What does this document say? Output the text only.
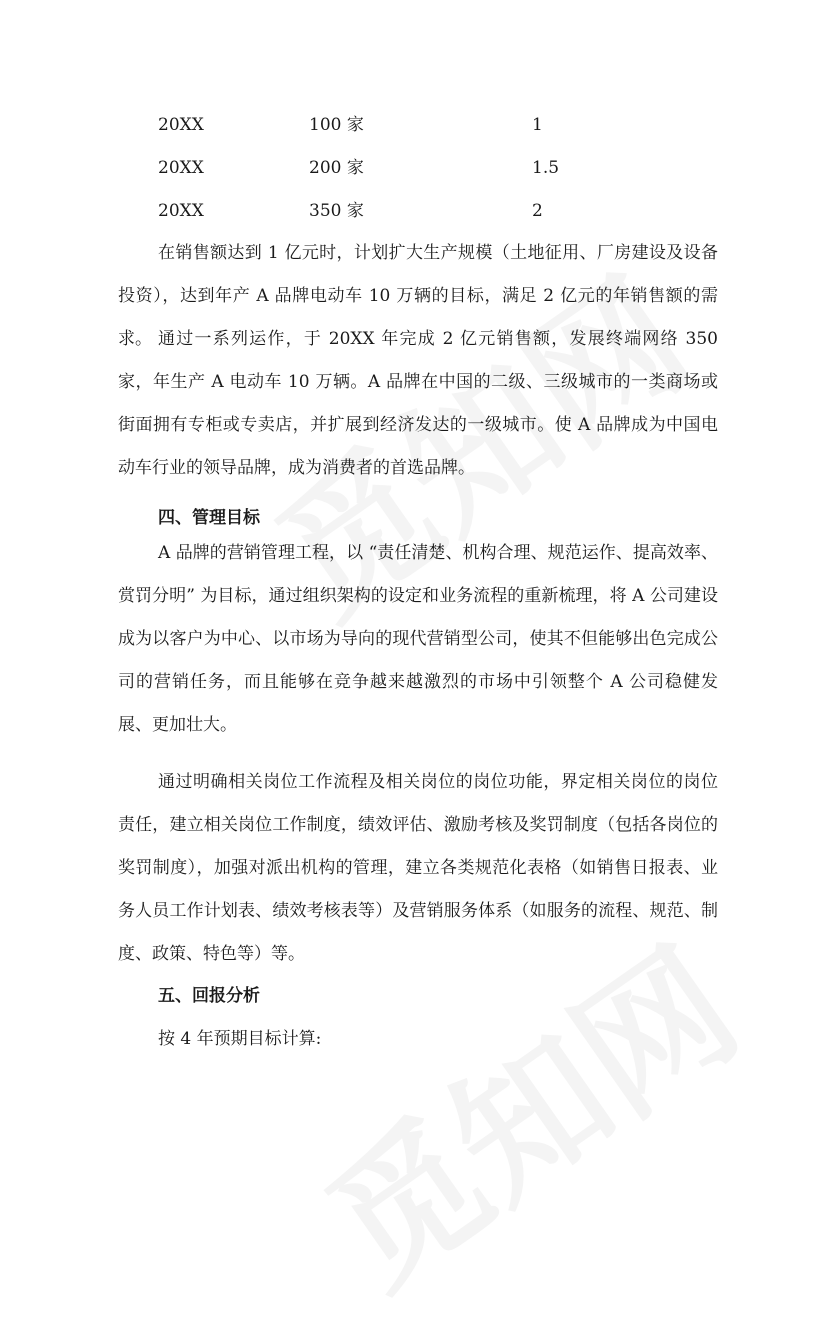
20XX	100 家	1
20XX	200 家	1.5
20XX	350 家	2

在销售额达到 1 亿元时，计划扩大生产规模（土地征用、厂房建设及设备投资），达到年产 A 品牌电动车 10 万辆的目标，满足 2 亿元的年销售额的需求。 通过一系列运作，于 20XX 年完成 2 亿元销售额，发展终端网络 350 家，年生产 A 电动车 10 万辆。A 品牌在中国的二级、三级城市的一类商场或街面拥有专柜或专卖店，并扩展到经济发达的一级城市。使 A 品牌成为中国电动车行业的领导品牌，成为消费者的首选品牌。

四、管理目标

A 品牌的营销管理工程，以 “责任清楚、机构合理、规范运作、提高效率、赏罚分明” 为目标，通过组织架构的设定和业务流程的重新梳理，将 A 公司建设成为以客户为中心、以市场为导向的现代营销型公司，使其不但能够出色完成公司的营销任务，而且能够在竞争越来越激烈的市场中引领整个 A 公司稳健发展、更加壮大。

通过明确相关岗位工作流程及相关岗位的岗位功能，界定相关岗位的岗位责任，建立相关岗位工作制度，绩效评估、激励考核及奖罚制度（包括各岗位的奖罚制度），加强对派出机构的管理，建立各类规范化表格（如销售日报表、业务人员工作计划表、绩效考核表等）及营销服务体系（如服务的流程、规范、制度、政策、特色等）等。

五、回报分析

按 4 年预期目标计算:
